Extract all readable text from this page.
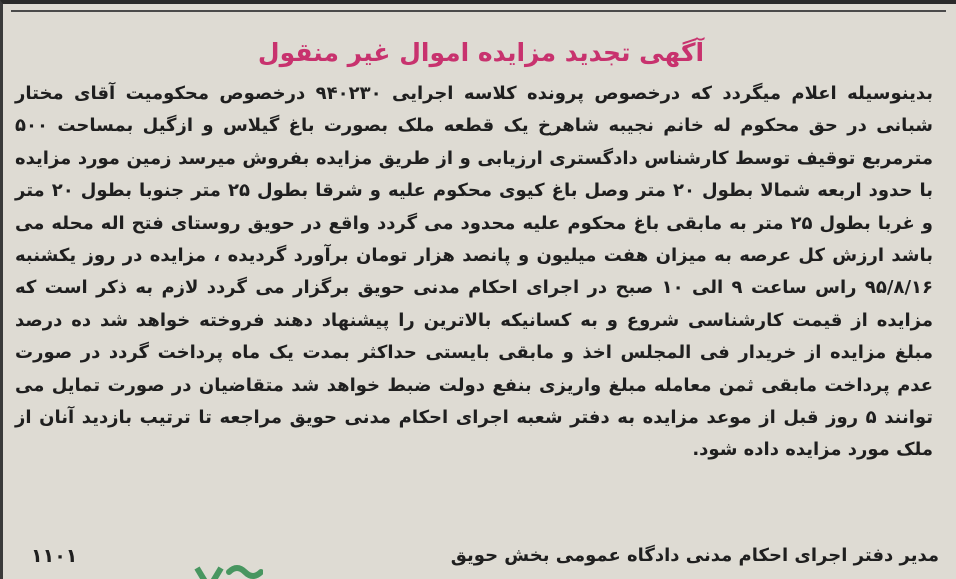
آگهی تجدید مزایده اموال غیر منقول

بدینوسیله اعلام میگردد که درخصوص پرونده کلاسه اجرایی ۹۴۰۲۳۰ درخصوص محکومیت آقای مختار شبانی در حق محکوم له خانم نجیبه شاهرخ یک قطعه ملک بصورت باغ گیلاس و ازگیل بمساحت ۵۰۰ مترمربع توقیف توسط کارشناس دادگستری ارزیابی و از طریق مزایده بفروش میرسد زمین مورد مزایده با حدود اربعه شمالا بطول ۲۰ متر وصل باغ کیوی محکوم علیه و شرقا بطول ۲۵ متر جنوبا بطول ۲۰ متر و غربا بطول ۲۵ متر به مابقی باغ محکوم علیه محدود می گردد واقع در حویق روستای فتح اله محله می باشد ارزش کل عرصه به میزان هفت میلیون و پانصد هزار تومان برآورد گردیده ، مزایده در روز یکشنبه ۹۵/۸/۱۶ راس ساعت ۹ الی ۱۰ صبح در اجرای احکام مدنی حویق برگزار می گردد لازم به ذکر است که مزایده از قیمت کارشناسی شروع و به کسانیکه بالاترین را پیشنهاد دهند فروخته خواهد شد ده درصد مبلغ مزایده از خریدار فی المجلس اخذ و مابقی بایستی حداکثر بمدت یک ماه پرداخت گردد در صورت عدم پرداخت مابقی ثمن معامله مبلغ واریزی بنفع دولت ضبط خواهد شد متقاضیان در صورت تمایل می توانند ۵ روز قبل از موعد مزایده به دفتر شعبه اجرای احکام مدنی حویق مراجعه تا ترتیب بازدید آنان از ملک مورد مزایده داده شود.

۱۱۰۱	مدیر دفتر اجرای احکام مدنی دادگاه عمومی بخش حویق
